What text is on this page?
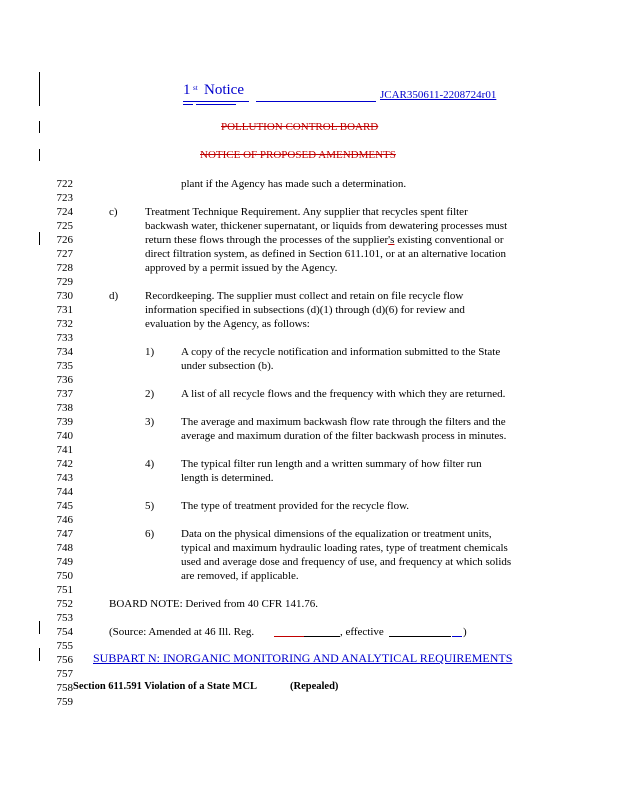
1 st Notice	JCAR350611-2208724r01
POLLUTION CONTROL BOARD
NOTICE OF PROPOSED AMENDMENTS
722
723
724
725
726
727
728
729
730
731
732
733
734
735
736
737
738
739
740
741
742
743
744
745
746
747
748
749
750
751
752
753
754
755
756
757
758
759
plant if the Agency has made such a determination.
c) Treatment Technique Requirement. Any supplier that recycles spent filter
backwash water, thickener supernatant, or liquids from dewatering processes must
return these flows through the processes of the supplier's existing conventional or
direct filtration system, as defined in Section 611.101, or at an alternative location
approved by a permit issued by the Agency.
d) Recordkeeping. The supplier must collect and retain on file recycle flow
information specified in subsections (d)(1) through (d)(6) for review and
evaluation by the Agency, as follows:
1) A copy of the recycle notification and information submitted to the State
under subsection (b).
2) A list of all recycle flows and the frequency with which they are returned.
3) The average and maximum backwash flow rate through the filters and the
average and maximum duration of the filter backwash process in minutes.
4) The typical filter run length and a written summary of how filter run
length is determined.
5) The type of treatment provided for the recycle flow.
6) Data on the physical dimensions of the equalization or treatment units,
typical and maximum hydraulic loading rates, type of treatment chemicals
used and average dose and frequency of use, and frequency at which solids
are removed, if applicable.
BOARD NOTE: Derived from 40 CFR 141.76.
(Source: Amended at 46 Ill. Reg.	, effective	)
SUBPART N: INORGANIC MONITORING AND ANALYTICAL REQUIREMENTS
Section 611.591 Violation of a State MCL	(Repealed)
